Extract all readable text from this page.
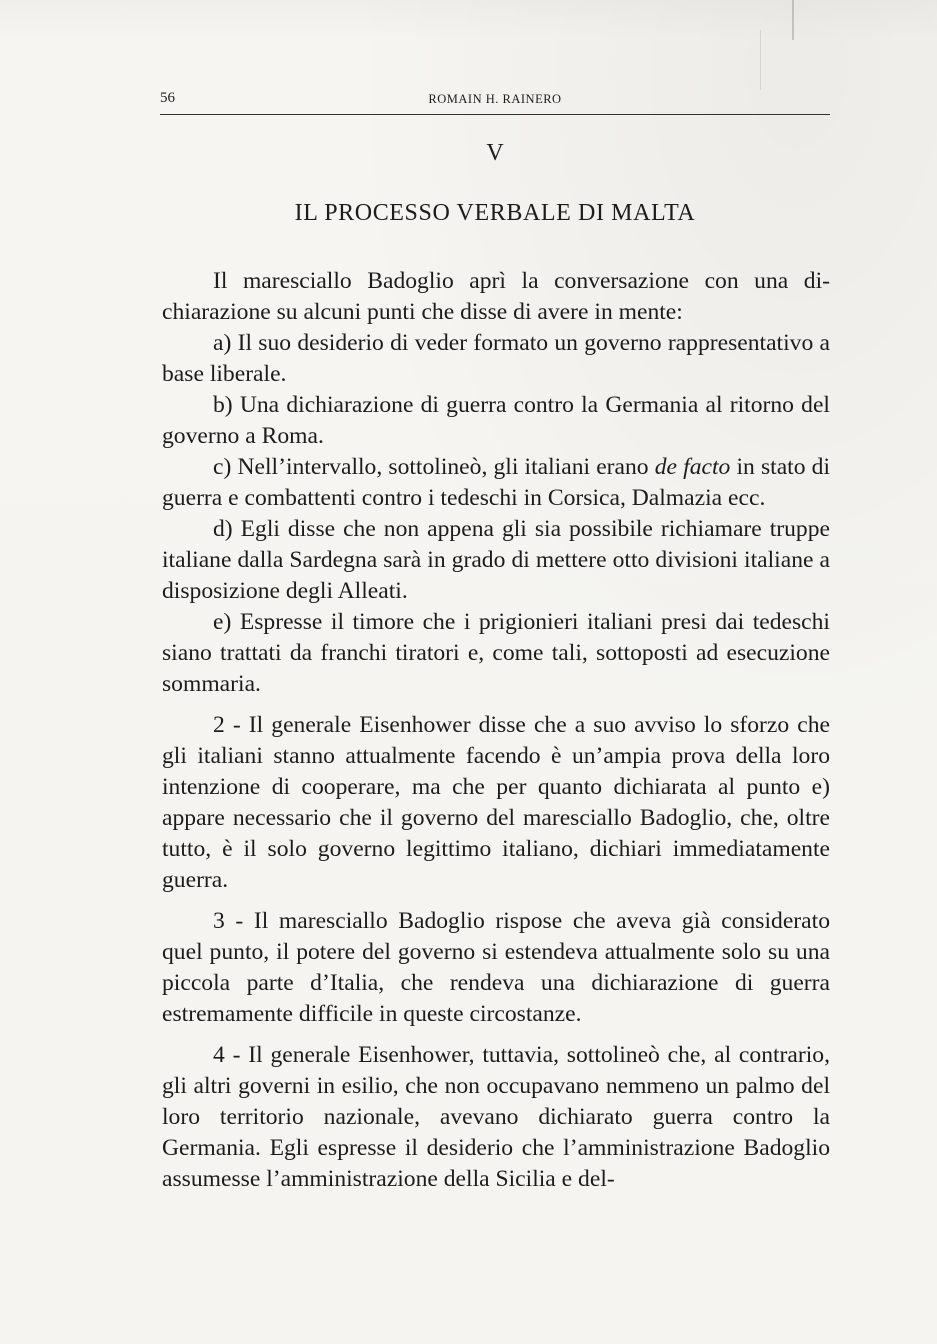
56	ROMAIN H. RAINERO
V
IL PROCESSO VERBALE DI MALTA

Il maresciallo Badoglio aprì la conversazione con una dichiarazione su alcuni punti che disse di avere in mente:

a) Il suo desiderio di veder formato un governo rappresentativo a base liberale.

b) Una dichiarazione di guerra contro la Germania al ritorno del governo a Roma.

c) Nell’intervallo, sottolineò, gli italiani erano de facto in stato di guerra e combattenti contro i tedeschi in Corsica, Dalmazia ecc.

d) Egli disse che non appena gli sia possibile richiamare truppe italiane dalla Sardegna sarà in grado di mettere otto divisioni italiane a disposizione degli Alleati.

e) Espresse il timore che i prigionieri italiani presi dai tedeschi siano trattati da franchi tiratori e, come tali, sottoposti ad esecuzione sommaria.

2 - Il generale Eisenhower disse che a suo avviso lo sforzo che gli italiani stanno attualmente facendo è un’ampia prova della loro intenzione di cooperare, ma che per quanto dichiarata al punto e) appare necessario che il governo del maresciallo Badoglio, che, oltre tutto, è il solo governo legittimo italiano, dichiari immediatamente guerra.

3 - Il maresciallo Badoglio rispose che aveva già considerato quel punto, il potere del governo si estendeva attualmente solo su una piccola parte d’Italia, che rendeva una dichiarazione di guerra estremamente difficile in queste circostanze.

4 - Il generale Eisenhower, tuttavia, sottolineò che, al contrario, gli altri governi in esilio, che non occupavano nemmeno un palmo del loro territorio nazionale, avevano dichiarato guerra contro la Germania. Egli espresse il desiderio che l’amministrazione Badoglio assumesse l’amministrazione della Sicilia e del-
